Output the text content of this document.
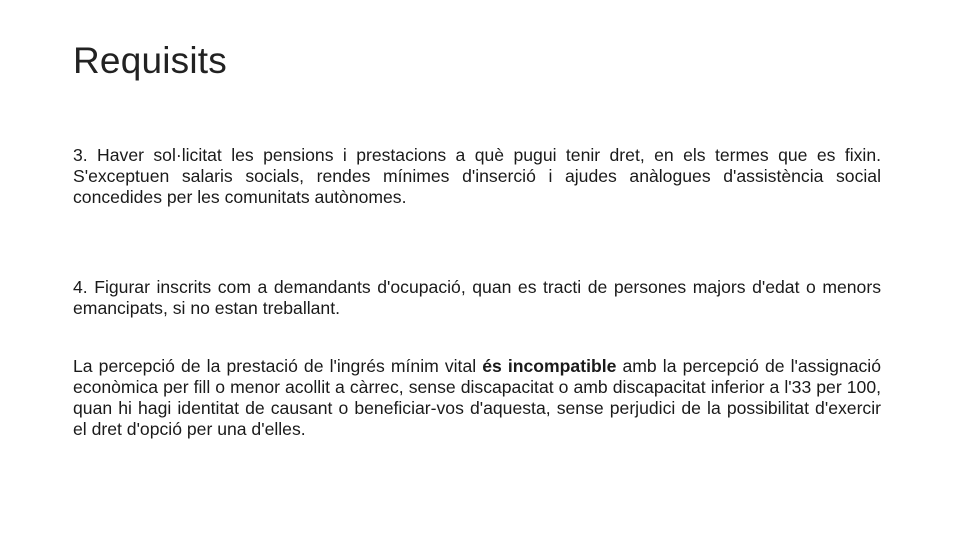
Requisits

3. Haver sol·licitat les pensions i prestacions a què pugui tenir dret, en els termes que es fixin. S'exceptuen salaris socials, rendes mínimes d'inserció i ajudes anàlogues d'assistència social concedides per les comunitats autònomes.

4. Figurar inscrits com a demandants d'ocupació, quan es tracti de persones majors d'edat o menors emancipats, si no estan treballant.

La percepció de la prestació de l'ingrés mínim vital és incompatible amb la percepció de l'assignació econòmica per fill o menor acollit a càrrec, sense discapacitat o amb discapacitat inferior a l'33 per 100, quan hi hagi identitat de causant o beneficiar-vos d'aquesta, sense perjudici de la possibilitat d'exercir el dret d'opció per una d'elles.
